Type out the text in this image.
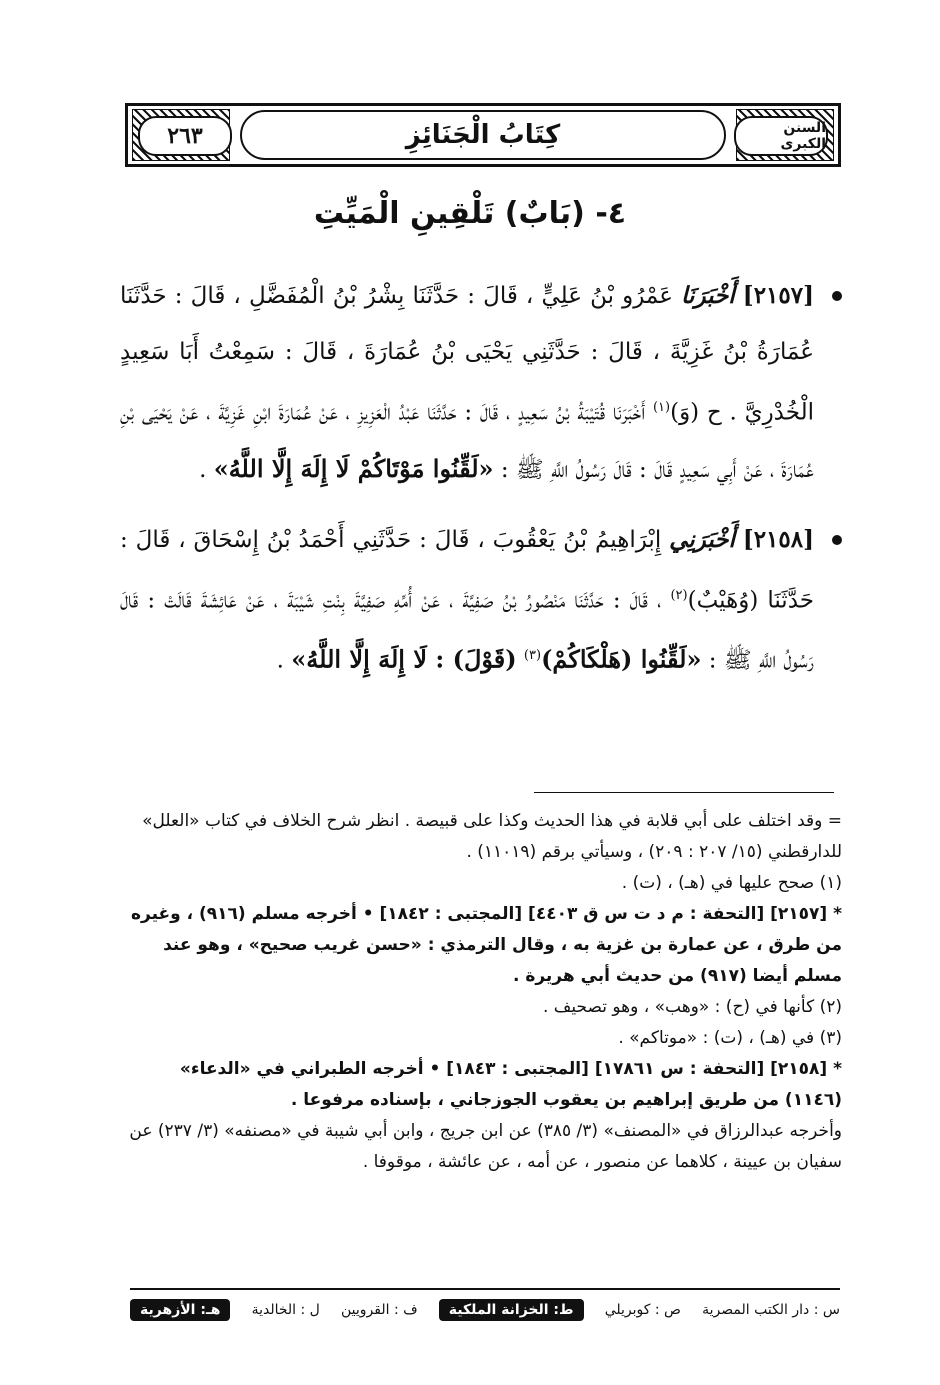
كِتَابُ الْجَنَائِزِ
٢٦٣	السنن الكبرى
٤- (بَابٌ) تَلْقِينِ الْمَيِّتِ
[٢١٥٧] أَخْبَرَنَا عَمْرُو بْنُ عَلِيٍّ ، قَالَ : حَدَّثَنَا بِشْرُ بْنُ الْمُفَضَّلِ ، قَالَ : حَدَّثَنَا عُمَارَةُ بْنُ غَزِيَّةَ ، قَالَ : حَدَّثَنِي يَحْيَى بْنُ عُمَارَةَ ، قَالَ : سَمِعْتُ أَبَا سَعِيدٍ الْخُدْرِيَّ . ح (وَ)$^{(١)}$ أَخْبَرَنَا قُتَيْبَةُ بْنُ سَعِيدٍ ، قَالَ : حَدَّثَنَا عَبْدُ الْعَزِيزِ ، عَنْ عُمَارَةَ ابْنِ غَزِيَّةَ ، عَنْ يَحْيَى بْنِ عُمَارَةَ ، عَنْ أَبِي سَعِيدٍ قَالَ : قَالَ رَسُولُ اللَّهِ ﷺ : «لَقِّنُوا مَوْتَاكُمْ لَا إِلَهَ إِلَّا اللَّهُ» .
[٢١٥٨] أَخْبَرَنِي إِبْرَاهِيمُ بْنُ يَعْقُوبَ ، قَالَ : حَدَّثَنِي أَحْمَدُ بْنُ إِسْحَاقَ ، قَالَ : حَدَّثَنَا (وُهَيْبٌ)$^{(٢)}$ ، قَالَ : حَدَّثَنَا مَنْصُورُ بْنُ صَفِيَّةَ ، عَنْ أُمِّهِ صَفِيَّةَ بِنْتِ شَيْبَةَ ، عَنْ عَائِشَةَ قَالَتْ : قَالَ رَسُولُ اللَّهِ ﷺ : «لَقِّنُوا (هَلْكَاكُمْ)$^{(٣)}$ (قَوْلَ) : لَا إِلَهَ إِلَّا اللَّهُ» .

= وقد اختلف على أبي قلابة في هذا الحديث وكذا على قبيصة . انظر شرح الخلاف في كتاب «العلل» للدارقطني (١٥/ ٢٠٧ : ٢٠٩) ، وسيأتي برقم (١١٠١٩) .

(١) صحح عليها في (هـ) ، (ت) .

* [٢١٥٧] [التحفة : م د ت س ق ٤٤٠٣] [المجتبى : ١٨٤٢] • أخرجه مسلم (٩١٦) ، وغيره من طرق ، عن عمارة بن غزية به ، وقال الترمذي : «حسن غريب صحيح» ، وهو عند مسلم أيضا (٩١٧) من حديث أبي هريرة .

(٢) كأنها في (ح) : «وهب» ، وهو تصحيف .

(٣) في (هـ) ، (ت) : «موتاكم» .

* [٢١٥٨] [التحفة : س ١٧٨٦١] [المجتبى : ١٨٤٣] • أخرجه الطبراني في «الدعاء» (١١٤٦) من طريق إبراهيم بن يعقوب الجوزجاني ، بإسناده مرفوعا .

وأخرجه عبدالرزاق في «المصنف» (٣/ ٣٨٥) عن ابن جريج ، وابن أبي شيبة في «مصنفه» (٣/ ٢٣٧) عن سفيان بن عيينة ، كلاهما عن منصور ، عن أمه ، عن عائشة ، موقوفا .

س : دار الكتب المصرية
ص : كوبريلي
ط: الخزانة الملكية
ف : القرويين
ل : الخالدية
هـ: الأزهرية
